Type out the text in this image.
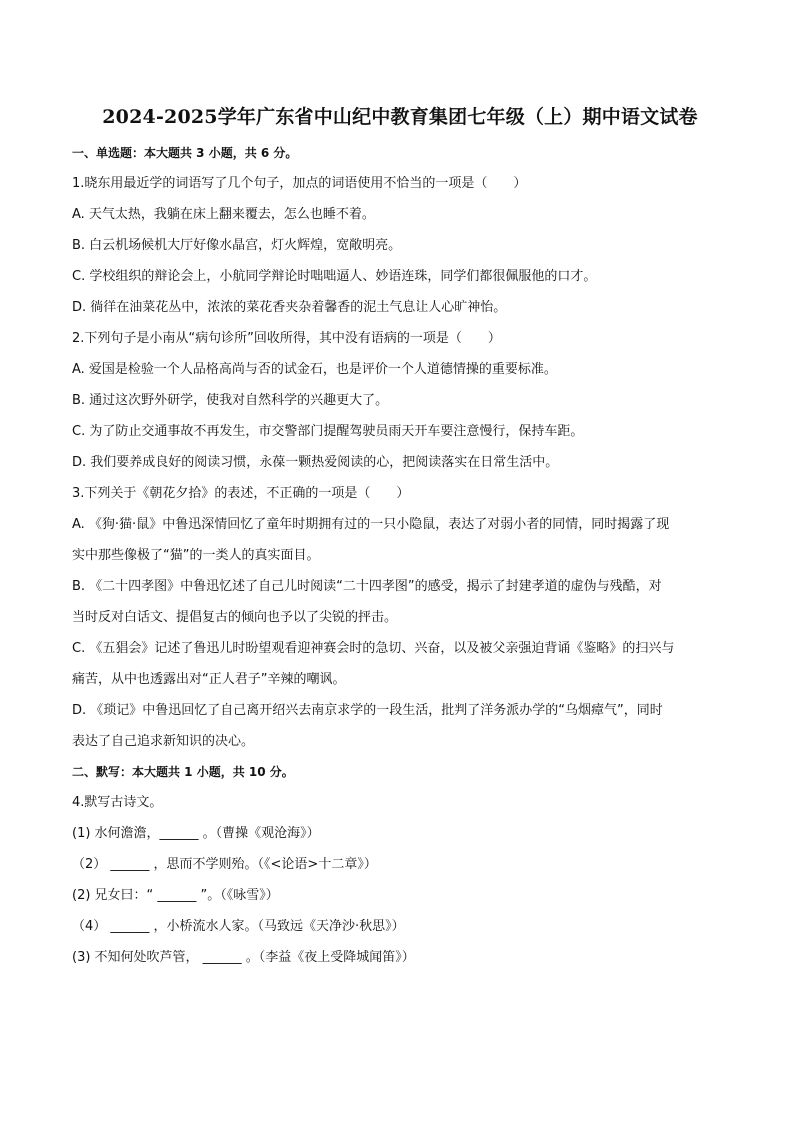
2024-2025学年广东省中山纪中教育集团七年级（上）期中语文试卷
一、单选题：本大题共 3 小题，共 6 分。
1.晓东用最近学的词语写了几个句子，加点的词语使用不恰当的一项是（　　）
A. 天气太热，我躺在床上翻来覆去，怎么也睡不着。
B. 白云机场候机大厅好像水晶宫，灯火辉煌，宽敞明亮。
C. 学校组织的辩论会上，小航同学辩论时咄咄逼人、妙语连珠，同学们都很佩服他的口才。
D. 徜徉在油菜花丛中，浓浓的菜花香夹杂着馨香的泥土气息让人心旷神怡。
2.下列句子是小南从“病句诊所”回收所得，其中没有语病的一项是（　　）
A. 爱国是检验一个人品格高尚与否的试金石，也是评价一个人道德情操的重要标准。
B. 通过这次野外研学，使我对自然科学的兴趣更大了。
C. 为了防止交通事故不再发生，市交警部门提醒驾驶员雨天开车要注意慢行，保持车距。
D. 我们要养成良好的阅读习惯，永葆一颗热爱阅读的心，把阅读落实在日常生活中。
3.下列关于《朝花夕拾》的表述，不正确的一项是（　　）
A. 《狗·猫·鼠》中鲁迅深情回忆了童年时期拥有过的一只小隐鼠，表达了对弱小者的同情，同时揭露了现
实中那些像极了“猫”的一类人的真实面目。
B. 《二十四孝图》中鲁迅忆述了自己儿时阅读“二十四孝图”的感受，揭示了封建孝道的虚伪与残酷，对
当时反对白话文、提倡复古的倾向也予以了尖锐的抨击。
C. 《五猖会》记述了鲁迅儿时盼望观看迎神赛会时的急切、兴奋，以及被父亲强迫背诵《鉴略》的扫兴与
痛苦，从中也透露出对“正人君子”辛辣的嘲讽。
D. 《琐记》中鲁迅回忆了自己离开绍兴去南京求学的一段生活，批判了洋务派办学的“乌烟瘴气”，同时
表达了自己追求新知识的决心。
二、默写：本大题共 1 小题，共 10 分。
4.默写古诗文。
(1) 水何澹澹，______ 。（曹操《观沧海》）
（2） ______ ，思而不学则殆。（《<论语>十二章》）
(2) 兄女曰：“ ______ ”。（《咏雪》）
（4） ______ ，小桥流水人家。（马致远《天净沙·秋思》）
(3) 不知何处吹芦管， ______ 。（李益《夜上受降城闻笛》）
